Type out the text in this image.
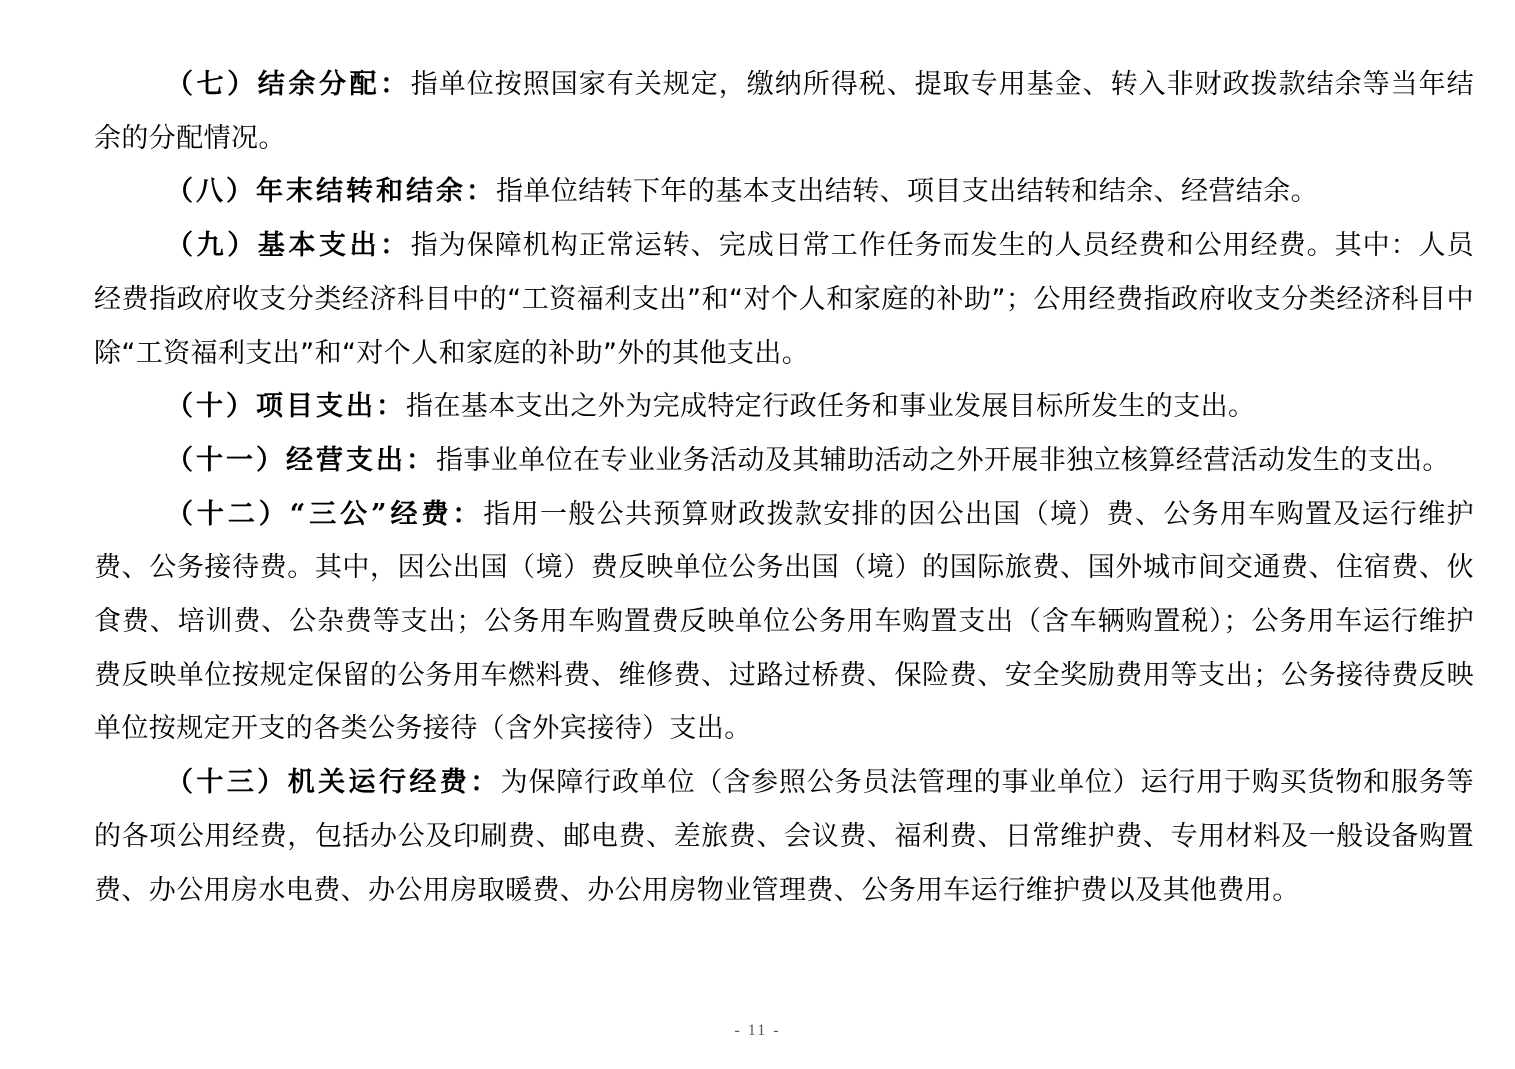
（七）结余分配：指单位按照国家有关规定，缴纳所得税、提取专用基金、转入非财政拨款结余等当年结余的分配情况。

（八）年末结转和结余：指单位结转下年的基本支出结转、项目支出结转和结余、经营结余。

（九）基本支出：指为保障机构正常运转、完成日常工作任务而发生的人员经费和公用经费。其中：人员经费指政府收支分类经济科目中的“工资福利支出”和“对个人和家庭的补助”；公用经费指政府收支分类经济科目中除“工资福利支出”和“对个人和家庭的补助”外的其他支出。

（十）项目支出：指在基本支出之外为完成特定行政任务和事业发展目标所发生的支出。

（十一）经营支出：指事业单位在专业业务活动及其辅助活动之外开展非独立核算经营活动发生的支出。

（十二）“三公”经费：指用一般公共预算财政拨款安排的因公出国（境）费、公务用车购置及运行维护费、公务接待费。其中，因公出国（境）费反映单位公务出国（境）的国际旅费、国外城市间交通费、住宿费、伙食费、培训费、公杂费等支出；公务用车购置费反映单位公务用车购置支出（含车辆购置税）；公务用车运行维护费反映单位按规定保留的公务用车燃料费、维修费、过路过桥费、保险费、安全奖励费用等支出；公务接待费反映单位按规定开支的各类公务接待（含外宾接待）支出。

（十三）机关运行经费：为保障行政单位（含参照公务员法管理的事业单位）运行用于购买货物和服务等的各项公用经费，包括办公及印刷费、邮电费、差旅费、会议费、福利费、日常维护费、专用材料及一般设备购置费、办公用房水电费、办公用房取暖费、办公用房物业管理费、公务用车运行维护费以及其他费用。

- 11 -
